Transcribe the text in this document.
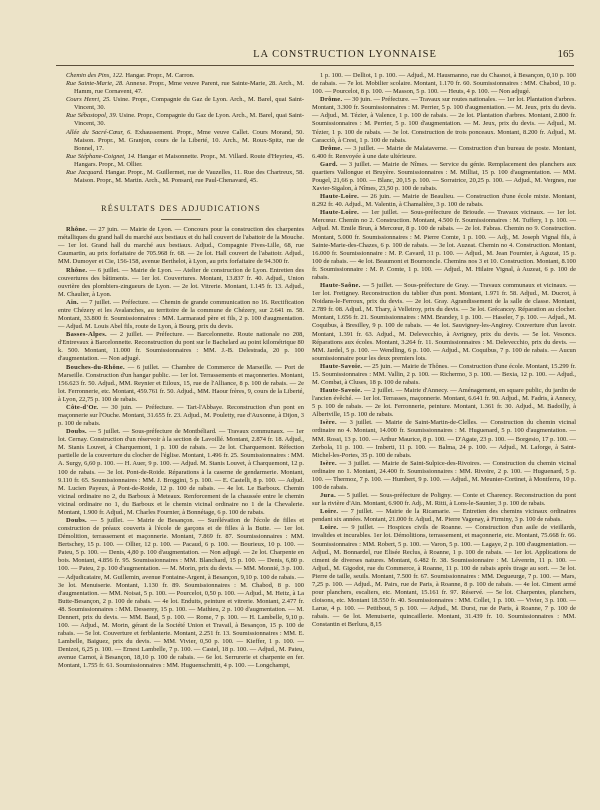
LA CONSTRUCTION LYONNAISE	165

Chemin des Pins, 122. Hangar. Propr., M. Carron.

Rue Sainte-Marie, 28. Annexe. Propr., Mme veuve Parent, rue Sainte-Marie, 28. Arch., M. Hamm, rue Cornavent, 47.

Cours Henri, 25. Usine. Propr., Compagnie du Gaz de Lyon. Arch., M. Barel, quai Saint-Vincent, 30.

Rue Sébastopol, 39. Usine. Propr., Compagnie du Gaz de Lyon. Arch., M. Barel, quai Saint-Vincent, 30.

Allée du Sacré-Cœur, 6. Exhaussement. Propr., Mme veuve Callet. Cours Morand, 50. Maison. Propr., M. Granjon, cours de la Liberté, 10. Arch., M. Roux-Spitz, rue de Bonnel, 17.

Rue Stéphane-Coignet, 14. Hangar et Maisonnette. Propr., M. Villard. Route d'Heyrieu, 45. Hangars. Propr., M. Ollier.

Rue Jacquard. Hangar. Propr., M. Guillermet, rue de Vauzelles, 11. Rue des Chartreux, 58. Maison. Propr., M. Martin. Arch., M. Ponsard, rue Paul-Chenavard, 45.

RÉSULTATS DES ADJUDICATIONS

Rhône. — 27 juin. — Mairie de Lyon. — Concours pour la construction des charpentes métalliques du grand hall du marché aux bestiaux et du hall couvert de l'abattoir de la Mouche. — 1er lot. Grand hall du marché aux bestiaux. Adjud., Compagnie Fives-Lille, 68, rue Caumartin, au prix forfaitaire de 705.968 fr. 68. — 2e lot. Hall couvert de l'abattoir. Adjud., MM. Dumoyer et Cie, 156-158, avenue Berthelot, à Lyon, au prix forfaitaire de 94.300 fr.

Rhône. — 6 juillet. — Mairie de Lyon. — Atelier de construction de Lyon. Entretien des couvertures des bâtiments. — 1er lot. Couvertures. Montant, 13.837 fr. 40. Adjud., Union ouvrière des plombiers-zingueurs de Lyon. — 2e lot. Vitrerie. Montant, 1.145 fr. 13. Adjud., M. Chaulier, à Lyon.

Ain. — 7 juillet. — Préfecture. — Chemin de grande communication no 16. Rectification entre Chézery et les Avalanches, au territoire de la commune de Chézery, sur 2.641 m. 58. Montant, 33.800 fr. Soumissionnaires : MM. Larmaraud père et fils, 2 p. 100 d'augmentation. — Adjud. M. Louis Abel fils, route de Lyon, à Bourg, prix du devis.

Basses-Alpes. — 2 juillet. — Préfecture. — Barcelonnette. Route nationale no 208, d'Entrevaux à Barcelonnette. Reconstruction du pont sur le Bachelard au point kilométrique 80 k. 500. Montant, 11.000 fr. Soumissionnaires : MM. J.-B. Delestrada, 20 p. 100 d'augmentation. — Non adjugé.

Bouches-du-Rhône. — 6 juillet. — Chambre de Commerce de Marseille. — Port de Marseille. Construction d'un hangar public. — 1er lot. Terrassements et maçonneries. Montant, 156.623 fr. 50. Adjud., MM. Reynier et Eiloux, 15, rue de l'Alliance, 8 p. 100 de rabais. — 2e lot. Ferronnerie, etc. Montant, 459.761 fr. 50. Adjud., MM. Haour frères, 9, cours de la Liberté, à Lyon, 22,75 p. 100 de rabais.

Côte-d'Or. — 30 juin. — Préfecture. — Tart-l'Abbaye. Reconstruction d'un pont en maçonnerie sur l'Ouche. Montant, 31.655 fr. 23. Adjud., M. Pouletty, rue d'Auxonne, à Dijon, 3 p. 100 de rabais.

Doubs. — 5 juillet. — Sous-préfecture de Montbéliard. — Travaux communaux. — 1er lot. Cernay. Construction d'un réservoir à la section de Lavoillé. Montant, 2.874 fr. 18. Adjud., M. Stanis Louvet, à Charquemont, 1 p. 100 de rabais. — 2e lot. Charquemont. Réfection partielle de la couverture du clocher de l'église. Montant, 1.496 fr. 25. Soumissionnaires : MM. A. Surgy, 6,60 p. 100. — H. Auer, 9 p. 100. — Adjud. M. Stanis Louvet, à Charquemont, 12 p. 100 de rabais. — 3e lot. Pont-de-Roide. Réparations à la caserne de gendarmerie. Montant, 9.110 fr. 65. Soumissionnaires : MM. J. Broggini, 5 p. 100. — E. Castelli, 8 p. 100. — Adjud. M. Lucien Payeux, à Pont-de-Roide, 12 p. 100 de rabais. — 4e lot. Le Barboux. Chemin vicinal ordinaire no 2, du Barboux à Meteaux. Renforcement de la chaussée entre le chemin vicinal ordinaire no 1, du Barboux et le chemin vicinal ordinaire no 1 de la Chevalerie. Montant, 1.900 fr. Adjud., M. Charles Fournier, à Bonnétage, 6 p. 100 de rabais.

Doubs. — 5 juillet. — Mairie de Besançon. — Surélévation de l'école de filles et construction de préaux couverts à l'école de garçons et de filles à la Butte. — 1er lot. Démolition, terrassement et maçonnerie. Montant, 7.869 fr. 87. Soumissionnaires : MM. Bertschey, 15 p. 100. — Ollier, 12 p. 100. — Pacaud, 6 p. 100. — Bourieux, 10 p. 100. — Pateu, 5 p. 100. — Denis, 4,80 p. 100 d'augmentation. — Non adjugé. — 2e lot. Charpente en bois. Montant, 4.856 fr. 95. Soumissionnaires : MM. Blanchard, 15 p. 100. — Denis, 6,80 p. 100. — Pateu, 2 p. 100 d'augmentation. — M. Morin, prix du devis. — MM. Monnié, 3 p. 100. — Adjudicataire, M. Guillemin, avenue Fontaine-Argent, à Besançon, 9,10 p. 100 de rabais. — 3e lot. Menuiserie. Montant, 1.130 fr. 89. Soumissionnaires : M. Chabod, 8 p. 100 d'augmentation. — MM. Noisat, 5 p. 100. — Pourcelot, 0,50 p. 100. — Adjud., M. Heitz, à La Butte-Besançon, 2 p. 100 de rabais. — 4e lot. Enduits, peinture et vitrerie. Montant, 2.477 fr. 48. Soumissionnaires : MM. Desserey, 15 p. 100. — Mathieu, 2 p. 100 d'augmentation. — M. Dennert, prix du devis. — MM. Baud, 5 p. 100. — Rome, 7 p. 100. — H. Lambelle, 9,10 p. 100. — Adjud., M. Morin, gérant de la Société Union et Travail, à Besançon, 15 p. 100 de rabais. — 5e lot. Couverture et ferblanterie. Montant, 2.251 fr. 13. Soumissionnaires : MM. E. Lambelle, Baiguez, prix du devis. — MM. Vivier, 0,50 p. 100. — Kieffer, 1 p. 100. — Denizot, 6,25 p. 100. — Ernest Lambelle, 7 p. 100. — Castel, 18 p. 100. — Adjud., M. Pateu, avenue Carnot, à Besançon, 18,10 p. 100 de rabais. — 6e lot. Serrurerie et charpente en fer. Montant, 1.755 fr. 61. Soumissionnaires : MM. Huguenschmitt, 4 p. 100. — Longchampt,

1 p. 100. — Delliot, 1 p. 100. — Adjud., M. Hausmanno, rue du Chasnot, à Besançon, 0,10 p. 100 de rabais. — 7e lot. Mobilier scolaire. Montant, 1.170 fr. 60. Soumissionnaires : MM. Chabod, 10 p. 100. — Pourcelot, 8 p. 100. — Masson, 5 p. 100. — Heuts, 4 p. 100. — Non adjugé.

Drôme. — 30 juin. — Préfecture. — Travaux sur routes nationales. — 1er lot. Plantation d'arbres. Montant, 3.300 fr. Soumissionnaires : M. Perrier, 5 p. 100 d'augmentation. — M. Jeux, prix du devis. — Adjud., M. Tézier, à Valence, 1 p. 100 de rabais. — 2e lot. Plantation d'arbres. Montant, 2.800 fr. Soumissionnaires : M. Perrier, 5 p. 100 d'augmentation. — M. Jeux, prix du devis. — Adjud., M. Tézier, 1 p. 100 de rabais. — 3e lot. Construction de trois ponceaux. Montant, 8.200 fr. Adjud., M. Caracciò, à Crest, 1 p. 100 de rabais.

Drôme. — 3 juillet. — Mairie de Malataverne. — Construction d'un bureau de poste. Montant, 6.400 fr. Renvoyée à une date ultérieure.

Gard. — 3 juillet. — Mairie de Nîmes. — Service du génie. Remplacement des planchers aux quartiers Vallongue et Bruyère. Soumissionnaires : M. Milliat, 15 p. 100 d'augmentation. — MM. Pougel, 21,66 p. 100. — Blanc, 20,15 p. 100. — Sorratrice, 20,25 p. 100. — Adjud., M. Vergnes, rue Xavier-Sigalon, à Nîmes, 23,50 p. 100 de rabais.

Haute-Loire. — 26 juin. — Mairie de Beaulieu. — Construction d'une école mixte. Montant, 8.292 fr. 40. Adjud., M. Valentin, à Chamalière, 3 p. 100 de rabais.

Haute-Loire. — 1er juillet. — Sous-préfecture de Brioude. — Travaux vicinaux. — 1er lot. Mercœur. Chemin no 2. Construction. Montant, 4.500 fr. Soumissionnaires : M. Tuffery, 1 p. 100. — Adjud. M. Emile Brun, à Mercœur, 8 p. 100 de rabais. — 2e lot. Fabras. Chemin no 9. Construction. Montant, 5.000 fr. Soumissionnaires : M. Pierre Comte, 1 p. 100. — Adj., M. Joseph Vignal fils, à Sainte-Marie-des-Chazes, 6 p. 100 de rabais. — 3e lot. Auzeat. Chemin no 4. Construction. Montant, 16.000 fr. Soumissionnaire : M. P. Cavard, 11 p. 100. — Adjud., M. Jean Fournier, à Aguzat, 15 p. 100 de rabais. — 4e lot. Beaumont et Bournoncle. Chemins nos 3 et 10. Construction. Montant, 8.100 fr. Soumissionnaire : M. P. Comte, 1 p. 100. — Adjud., M. Hilaire Vignal, à Auzeat, 6 p. 100 de rabais.

Haute-Saône. — 5 juillet. — Sous-préfecture de Gray. — Travaux communaux et vicinaux. — 1er lot. Fretigney. Reconstruction du tablier d'un pont. Montant, 1.971 fr. 58. Adjud., M. Ducrot, à Noidans-le-Ferroux, prix du devis. — 2e lot. Gray. Agrandissement de la salle de classe. Montant, 2.789 fr. 08. Adjud., M. Thary, à Velleiroy, prix du devis. — 3e lot. Grécancey. Réparation au clocher. Montant, 1.656 fr. 21. Soumissionnaires : MM. Brandey, 1 p. 100. — Haseler, 7 p. 100. — Adjud., M. Coquibus, à Bresilley, 9 p. 100 de rabais. — 4e lot. Sauvigney-les-Angirey. Couverture d'un lavoir. Montant, 1.391 fr. 63. Adjud., M. Delevecchio, à Avrigney, prix du devis. — 5e lot. Vesoncs. Réparations aux écoles. Montant, 3.264 fr. 11. Soumissionnaires : M. Delevecchio, prix du devis. — MM. Jardel, 5 p. 100. — Wendling, 6 p. 100. — Adjud., M. Coquibus, 7 p. 100 de rabais. — Aucun soumissionnaire pour les deux premiers lots.

Haute-Savoie. — 25 juin. — Mairie de Thônes. — Construction d'une école. Montant, 15.299 fr. 15. Soumissionnaires : MM. Vallin, 2 p. 100. — Richermo, 3 p. 100. — Bexia, 12 p. 100. — Adjud., M. Combat, à Cluses, 18 p. 100 de rabais.

Haute-Savoie. — 2 juillet. — Mairie d'Annecy. — Aménagement, en square public, du jardin de l'ancien évêché. — 1er lot. Terrasses, maçonnerie. Montant, 6.641 fr. 90. Adjud., M. Fadris, à Annecy, 5 p. 100 de rabais. — 2e lot. Ferronnerie, peinture. Montant, 1.361 fr. 30. Adjud., M. Badoilly, à Albertville, 15 p. 100 de rabais.

Isère. — 3 juillet. — Mairie de Saint-Martin-de-Clelles. — Construction du chemin vicinal ordinaire no 4. Montant, 14.000 fr. Soumissionnaires : M. Huguenard, 5 p. 100 d'augmentation. — MM. Rossi, 13 p. 100. — Arthur Maurice, 8 p. 100. — D'Agate, 23 p. 100. — Borgesio, 17 p. 100. — Zerbola, 11 p. 100. — Imberti, 11 p. 100. — Balma, 24 p. 100. — Adjud., M. Laforge, à Saint-Michel-les-Portes, 35 p. 100 de rabais.

Isère. — 3 juillet. — Mairie de Saint-Sulpice-des-Rivoires. — Construction du chemin vicinal ordinaire no 1. Montant, 24.400 fr. Soumissionnaires : MM. Rivoire, 2 p. 100. — Huguenard, 5 p. 100. — Thermoz, 7 p. 100. — Humbert, 9 p. 100. — Adjud., M. Meunier-Cortinet, à Montferra, 10 p. 100 de rabais.

Jura. — 5 juillet. — Sous-préfecture de Poligny. — Conte et Charency. Reconstruction du pont sur la rivière d'Ain. Montant, 6.900 fr. Adj., M. Ritti, à Lons-le-Saunier, 3 p. 100 de rabais.

Loire. — 7 juillet. — Mairie de la Ricamarie. — Entretien des chemins vicinaux ordinaires pendant six années. Montant, 21.000 fr. Adjud., M. Pierre Vagenay, à Firminy, 3 p. 100 de rabais.

Loire. — 9 juillet. — Hospices civils de Roanne. — Construction d'un asile de vieillards, invalides et incurables. 1er lot. Démolitions, terrassement, et maçonnerie, etc. Montant, 75.668 fr. 66. Soumissionnaires : MM. Robert, 5 p. 100. — Varon, 5 p. 100. — Lagaye, 2 p. 100 d'augmentation. — Adjud., M. Bonnardel, rue Elisée Reclus, à Roanne, 1 p. 100 de rabais. — 1er lot. Applications de ciment de diverses natures. Montant, 6.482 fr. 38. Soumissionnaire : M. Lévenrin, 11 p. 100. — Adjud., M. Gigodot, rue du Commerce, à Roanne, 11 p. 100 de rabais après tirage au sort. — 3e lot. Pierre de taille, seuils. Montant, 7.500 fr. 67. Soumissionnaires : MM. Degueurge, 7 p. 100. — Mars, 7,25 p. 100. — Adjud., M. Pairs, rue de Paris, à Roanne, 8 p. 100 de rabais. — 4e lot. Ciment armé pour planchers, escaliers, etc. Montant, 15.161 fr. 97. Réservé. — 5e lot. Charpentes, planchers, cloisons, etc. Montant 18.550 fr. 40. Soumissionnaires : MM. Collet, 1 p. 100. — Vivier, 3 p. 100. — Larue, 4 p. 100. — Petitbout, 5 p. 100. — Adjud., M. Durst, rue de Paris, à Roanne, 7 p. 100 de rabais. — 6e lot. Menuiserie, quincaillerie. Montant, 31.439 fr. 10. Soumissionnaires : MM. Constantin et Berlura, 8,15
